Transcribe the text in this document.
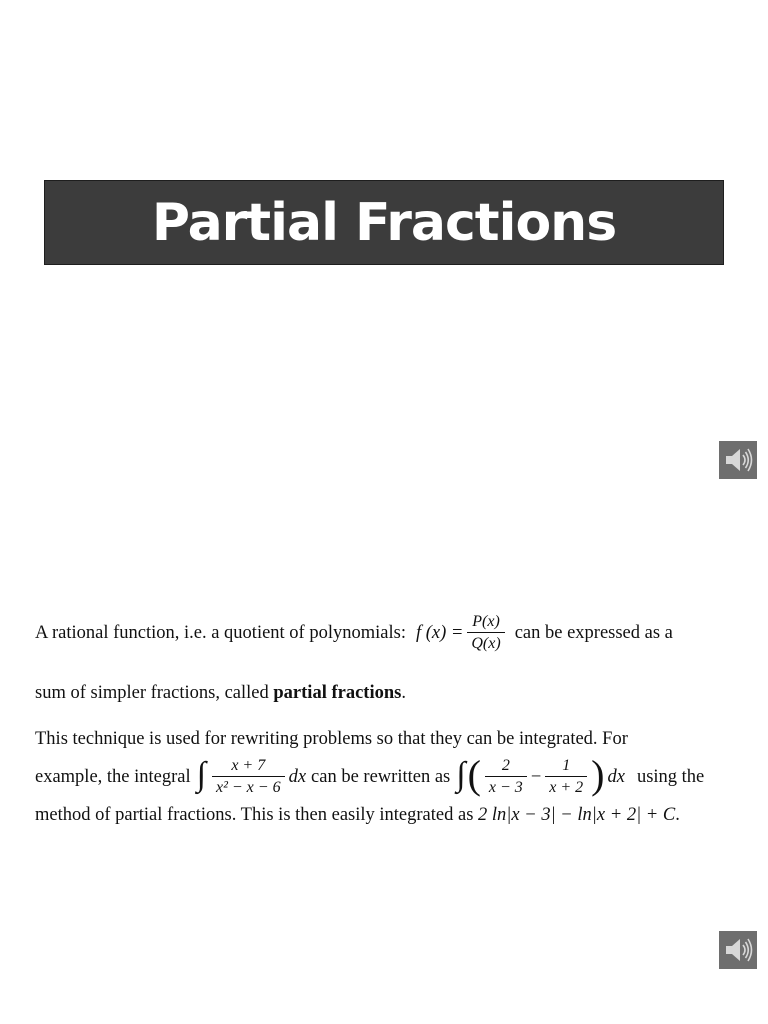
Partial Fractions
A rational function, i.e. a quotient of polynomials: f $(x) = \frac{P(x)}{Q(x)}$ can be expressed as a
sum of simpler fractions, called partial fractions.
This technique is used for rewriting problems so that they can be integrated. For
example, the integral ∫ $\frac{x + 7}{\text{x² − x − 6}}$ dx can be rewritten as ∫ ( $\frac{2}{x - 3} - \frac{1}{x + 2}$ ) dx using the
method of partial fractions. This is then easily integrated as 2 ln|x − 3| − ln|x + 2| + C.
